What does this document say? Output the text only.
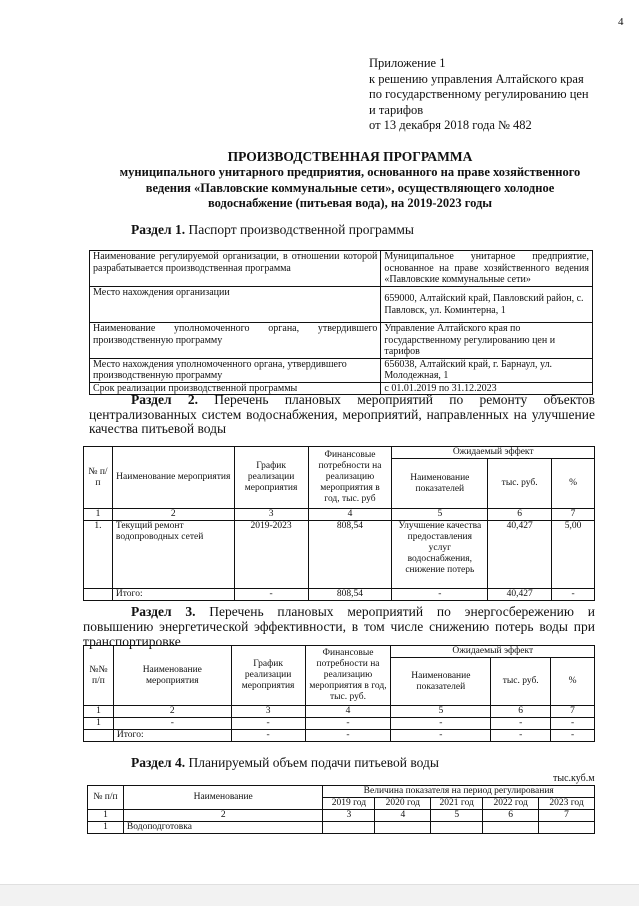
4
Приложение 1
к решению управления Алтайского края
по государственному регулированию цен
и тарифов
от 13 декабря 2018 года № 482
ПРОИЗВОДСТВЕННАЯ ПРОГРАММА
муниципального унитарного предприятия, основанного на праве хозяйственного
ведения «Павловские коммунальные сети», осуществляющего холодное
водоснабжение (питьевая вода), на 2019-2023 годы
Раздел 1. Паспорт производственной программы
Наименование регулируемой организации, в отношении которой разрабатывается производственная программа	Муниципальное унитарное предприятие, основанное на праве хозяйственного ведения «Павловские коммунальные сети»
Место нахождения организации	659000, Алтайский край, Павловский район, с. Павловск, ул. Коминтерна, 1
Наименование уполномоченного органа, утвердившего производственную программу	Управление Алтайского края по государственному регулированию цен и тарифов
Место нахождения уполномоченного органа, утвердившего производственную программу	656038, Алтайский край, г. Барнаул, ул. Молодежная, 1
Срок реализации производственной программы	с 01.01.2019 по 31.12.2023
Раздел 2. Перечень плановых мероприятий по ремонту объектов централизованных систем водоснабжения, мероприятий, направленных на улучшение качества питьевой воды
№ п/п	Наименование мероприятия	График реализации мероприятия	Финансовые потребности на реализацию мероприятия в год, тыс. руб	Ожидаемый эффект		
				Наименование показателей	тыс. руб.	%
1	2	3	4	5	6	7
1.	Текущий ремонт водопроводных сетей	2019-2023	808,54	Улучшение качества предоставления услуг водоснабжения, снижение потерь	40,427	5,00
	Итого:	-	808,54	-	40,427	-
Раздел 3. Перечень плановых мероприятий по энергосбережению и повышению энергетической эффективности, в том числе снижению потерь воды при транспортировке
№№ п/п	Наименование мероприятия	График реализации мероприятия	Финансовые потребности на реализацию мероприятия в год, тыс. руб.	Ожидаемый эффект		
				Наименование показателей	тыс. руб.	%
1	2	3	4	5	6	7
1	-	-	-	-	-	-
	Итого:	-	-	-	-	-
Раздел 4. Планируемый объем подачи питьевой воды
тыс.куб.м
№ п/п	Наименование	Величина показателя на период регулирования				
		2019 год	2020 год	2021 год	2022 год	2023 год
1	2	3	4	5	6	7
1	Водоподготовка					
